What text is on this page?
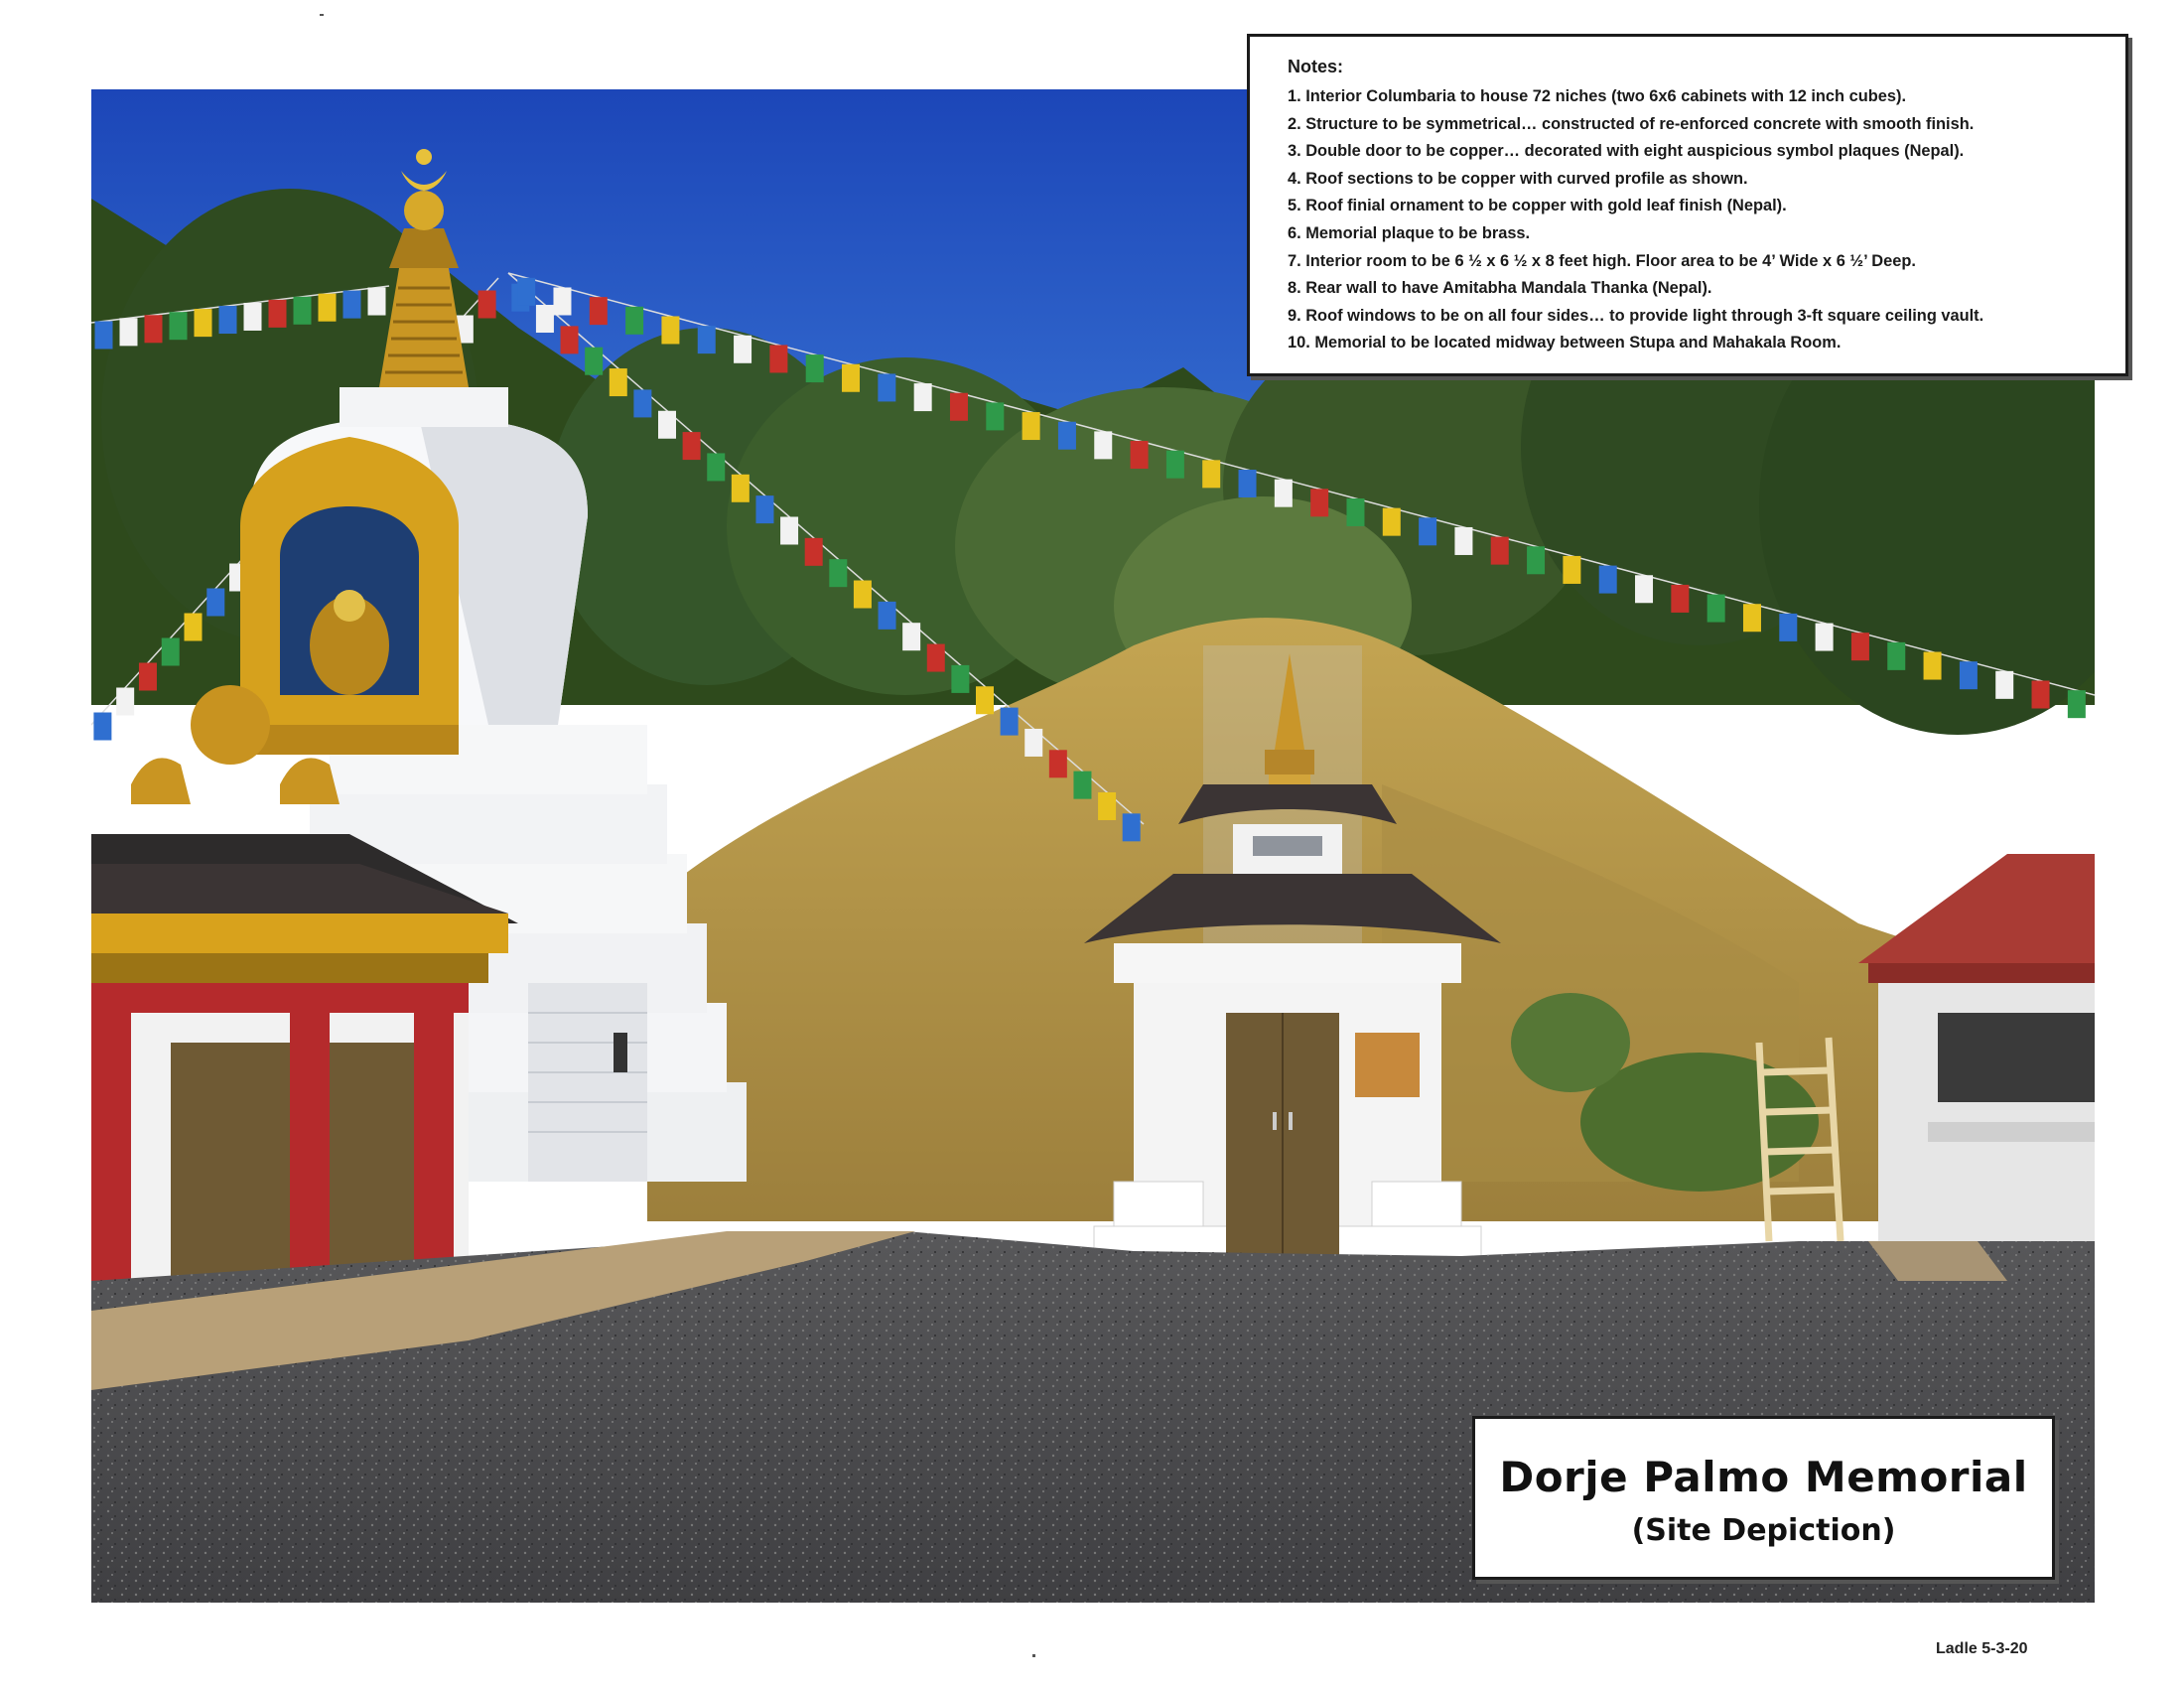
Notes:
1. Interior Columbaria to house 72 niches (two 6x6 cabinets with 12 inch cubes).
2. Structure to be symmetrical… constructed of re-enforced concrete with smooth finish.
3. Double door to be copper… decorated with eight auspicious symbol plaques (Nepal).
4. Roof sections to be copper with curved profile as shown.
5. Roof finial ornament to be copper with gold leaf finish (Nepal).
6. Memorial plaque to be brass.
7. Interior room to be 6 ½ x 6 ½ x 8 feet high. Floor area to be 4’ Wide x 6 ½’ Deep.
8. Rear wall to have Amitabha Mandala Thanka (Nepal).
9. Roof windows to be on all four sides… to provide light through 3-ft square ceiling vault.
10. Memorial to be located midway between Stupa and Mahakala Room.
Dorje Palmo Memorial
(Site Depiction)
Ladle 5-3-20
